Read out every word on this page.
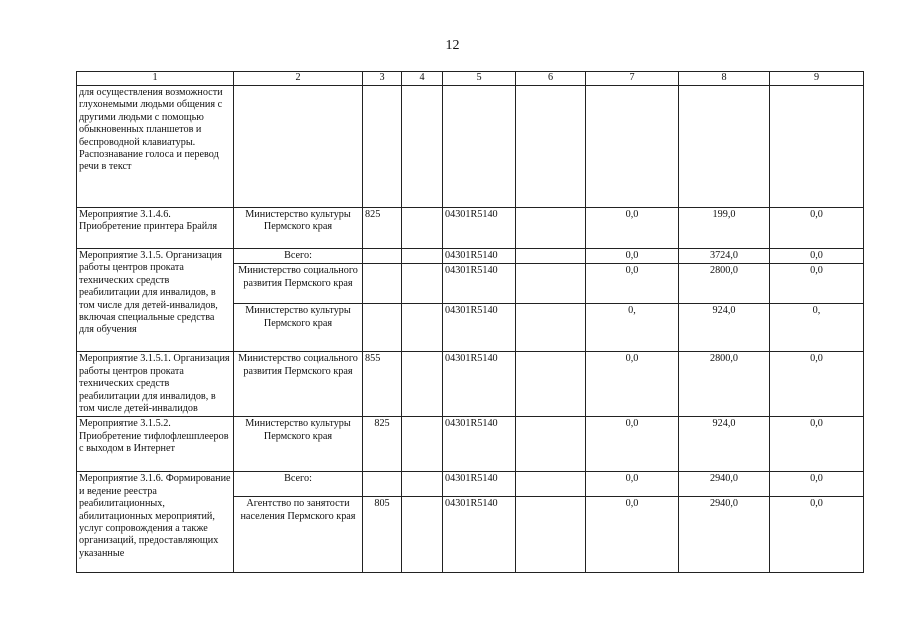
12
1	2	3	4	5	6	7	8	9
для осуществления возможности глухонемыми людьми общения с другими людьми с помощью обыкновенных планшетов и беспроводной клавиатуры. Распознавание голоса и перевод речи в текст								
Мероприятие 3.1.4.6. Приобретение принтера Брайля	Министерство культуры Пермского края	825		04301R5140		0,0	199,0	0,0
Мероприятие 3.1.5. Организация работы центров проката технических средств реабилитации для инвалидов, в том числе для детей-инвалидов, включая специальные средства для обучения	Всего:			04301R5140		0,0	3724,0	0,0
	Министерство социального развития Пермского края			04301R5140		0,0	2800,0	0,0
	Министерство культуры Пермского края			04301R5140		0,	924,0	0,
Мероприятие 3.1.5.1. Организация работы центров проката технических средств реабилитации для инвалидов, в том числе детей-инвалидов	Министерство социального развития Пермского края	855		04301R5140		0,0	2800,0	0,0
Мероприятие 3.1.5.2. Приобретение тифлофлешплееров с выходом в Интернет	Министерство культуры Пермского края	825		04301R5140		0,0	924,0	0,0
Мероприятие 3.1.6. Формирование и ведение реестра реабилитационных, абилитационных мероприятий, услуг сопровождения а также организаций, предоставляющих указанные	Всего:			04301R5140		0,0	2940,0	0,0
	Агентство по занятости населения Пермского края	805		04301R5140		0,0	2940,0	0,0
